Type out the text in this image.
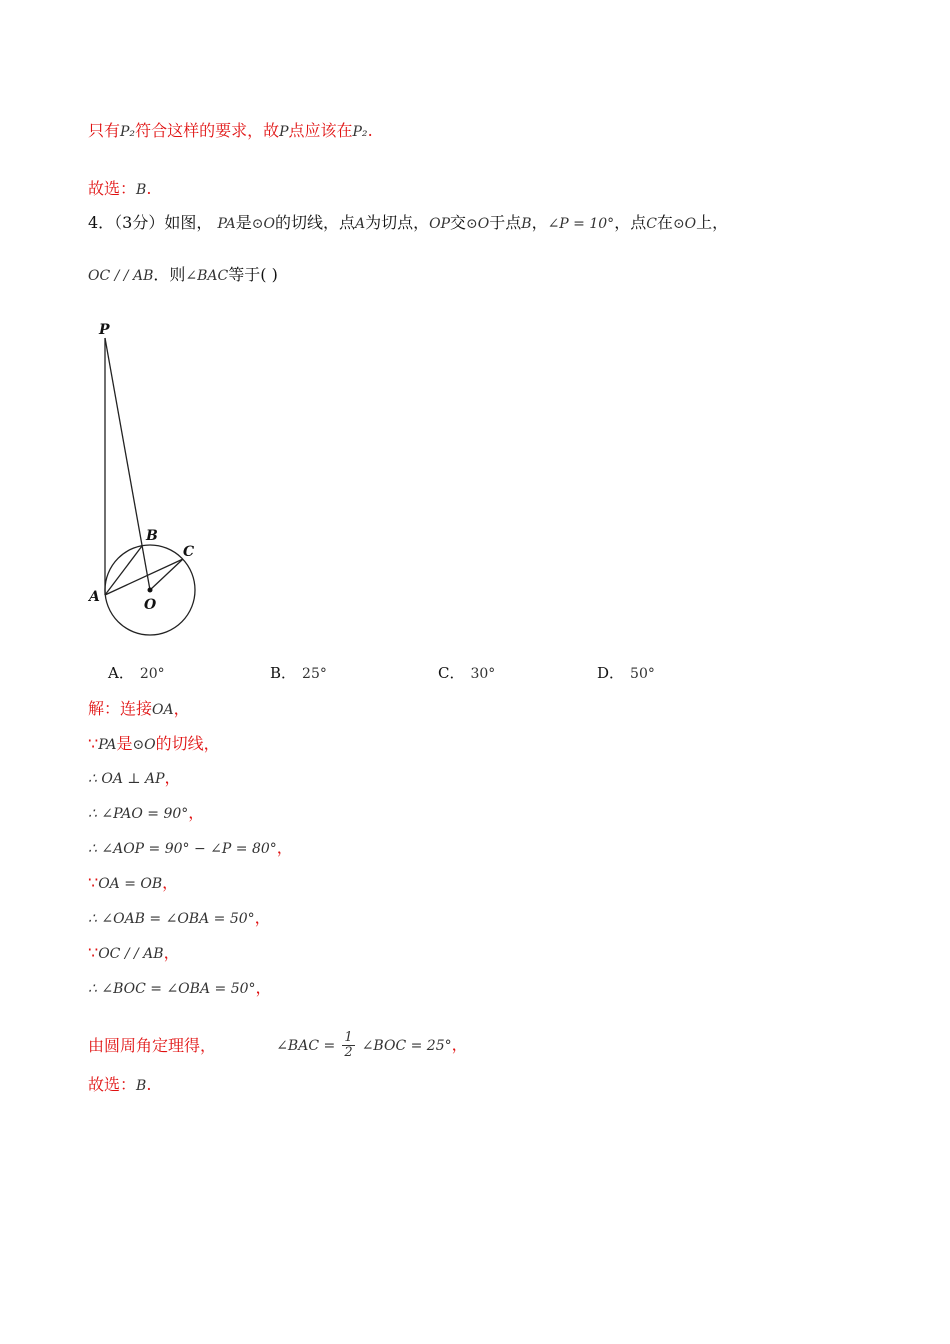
只有P₂符合这样的要求，故P点应该在P₂.
故选：B.
4．（3分）如图， PA是⊙O的切线，点A为切点，OP交⊙O于点B，∠P = 10°，点C在⊙O上，
OC / / AB．则∠BAC等于( )
P
B
C
A	O
A． 20°	B． 25°	C． 30°	D． 50°
解：连接OA，
∵PA是⊙O的切线，
∴ OA ⊥ AP，
∴ ∠PAO = 90°，
∴ ∠AOP = 90° − ∠P = 80°，
∵OA = OB，
∴ ∠OAB = ∠OBA = 50°，
∵OC / / AB，
∴ ∠BOC = ∠OBA = 50°，
由圆周角定理得，	∠BAC = $\frac{1}{2}$ ∠BOC = 25°，
故选：B.
